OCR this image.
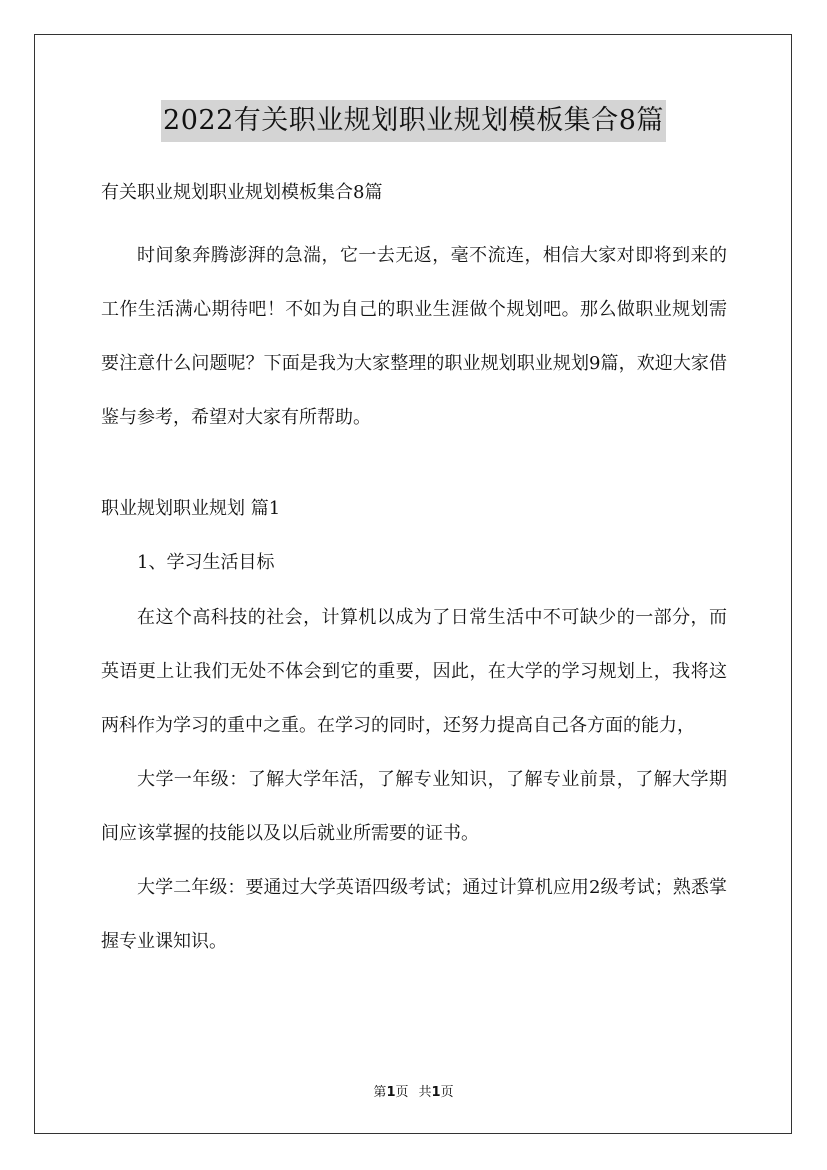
2022有关职业规划职业规划模板集合8篇
有关职业规划职业规划模板集合8篇

时间象奔腾澎湃的急湍，它一去无返，毫不流连，相信大家对即将到来的工作生活满心期待吧！不如为自己的职业生涯做个规划吧。那么做职业规划需要注意什么问题呢？下面是我为大家整理的职业规划职业规划9篇，欢迎大家借鉴与参考，希望对大家有所帮助。

职业规划职业规划 篇1
1、学习生活目标

在这个高科技的社会，计算机以成为了日常生活中不可缺少的一部分，而英语更上让我们无处不体会到它的重要，因此，在大学的学习规划上，我将这两科作为学习的重中之重。在学习的同时，还努力提高自己各方面的能力，

大学一年级：了解大学年活，了解专业知识，了解专业前景，了解大学期间应该掌握的技能以及以后就业所需要的证书。

大学二年级：要通过大学英语四级考试；通过计算机应用2级考试；熟悉掌握专业课知识。

第1页 共1页
